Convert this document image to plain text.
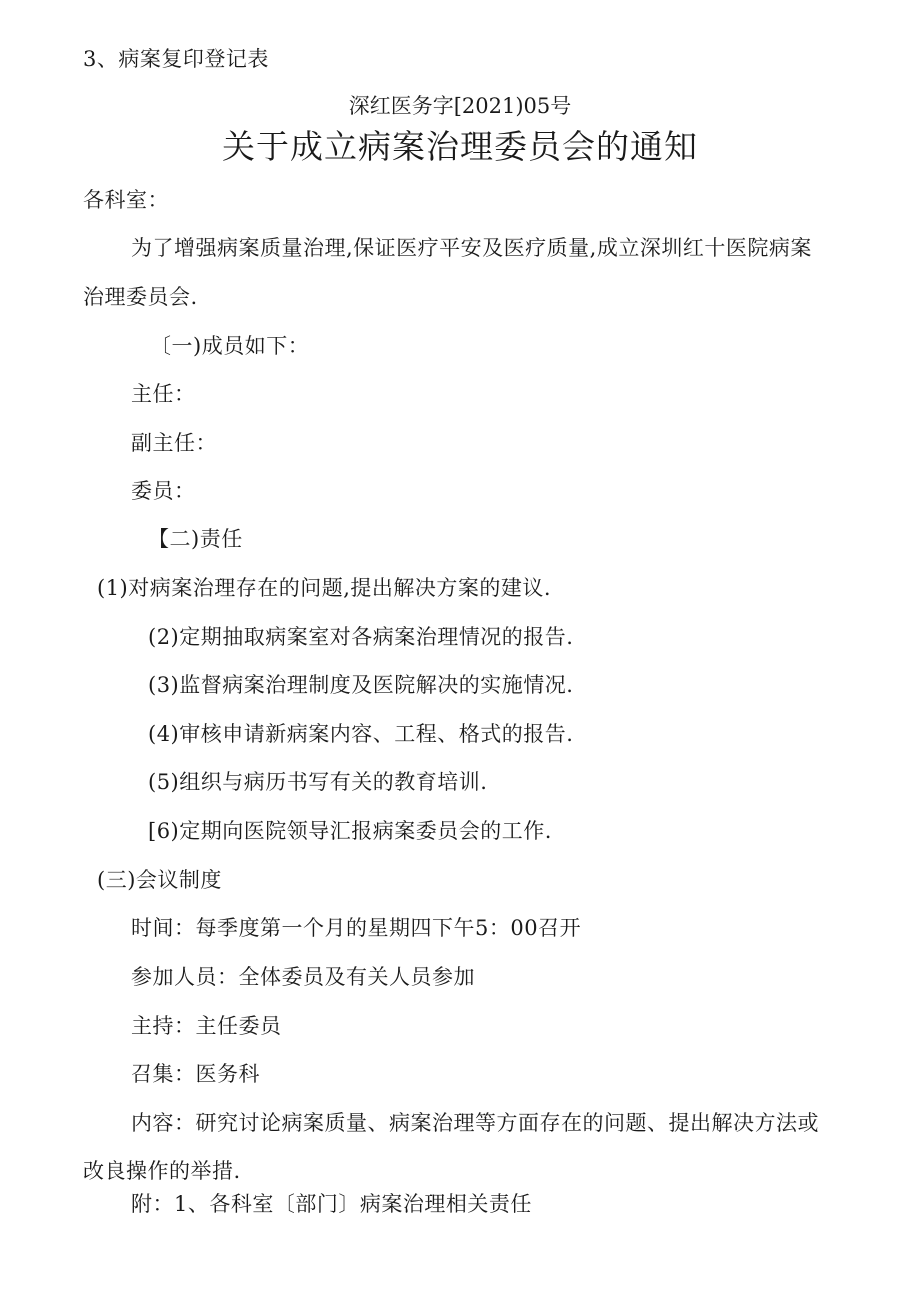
3、病案复印登记表
深红医务字[2021)05号
关于成立病案治理委员会的通知
各科室：
为了增强病案质量治理,保证医疗平安及医疗质量,成立深圳红十医院病案
治理委员会.
〔一)成员如下：
主任：
副主任：
委员：
【二)责任
(1)对病案治理存在的问题,提出解决方案的建议.
(2)定期抽取病案室对各病案治理情况的报告.
(3)监督病案治理制度及医院解决的实施情况.
(4)审核申请新病案内容、工程、格式的报告.
(5)组织与病历书写有关的教育培训.
[6)定期向医院领导汇报病案委员会的工作.
(三)会议制度
时间：每季度第一个月的星期四下午5：00召开
参加人员：全体委员及有关人员参加
主持：主任委员
召集：医务科
内容：研究讨论病案质量、病案治理等方面存在的问题、提出解决方法或
改良操作的举措.
附：1、各科室〔部门〕病案治理相关责任
